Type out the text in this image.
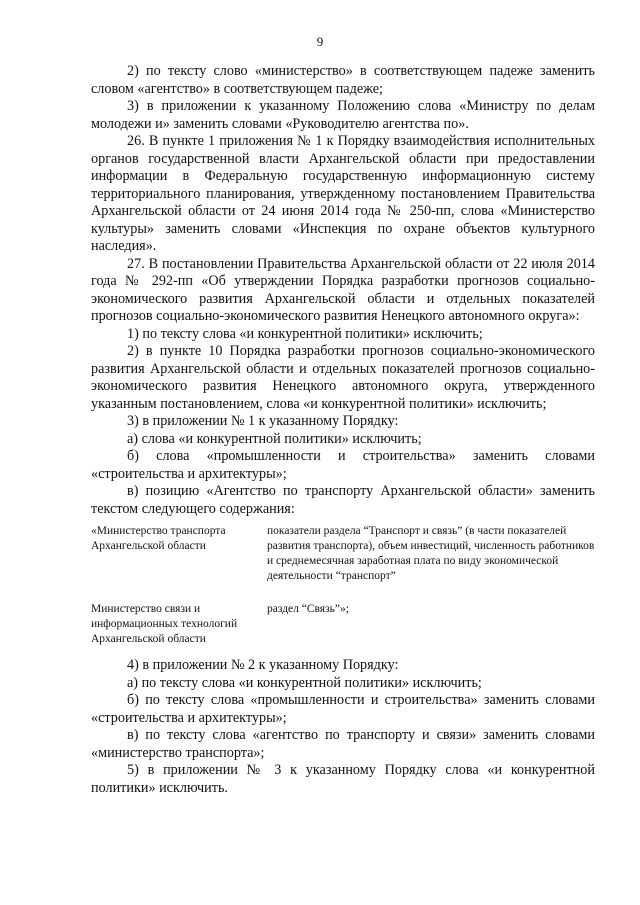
9

2) по тексту слово «министерство» в соответствующем падеже заменить словом «агентство» в соответствующем падеже;

3) в приложении к указанному Положению слова «Министру по делам молодежи и» заменить словами «Руководителю агентства по».

26. В пункте 1 приложения № 1 к Порядку взаимодействия исполнительных органов государственной власти Архангельской области при предоставлении информации в Федеральную государственную информационную систему территориального планирования, утвержденному постановлением Правительства Архангельской области от 24 июня 2014 года № 250-пп, слова «Министерство культуры» заменить словами «Инспекция по охране объектов культурного наследия».

27. В постановлении Правительства Архангельской области от 22 июля 2014 года № 292-пп «Об утверждении Порядка разработки прогнозов социально-экономического развития Архангельской области и отдельных показателей прогнозов социально-экономического развития Ненецкого автономного округа»:

1) по тексту слова «и конкурентной политики» исключить;

2) в пункте 10 Порядка разработки прогнозов социально-экономического развития Архангельской области и отдельных показателей прогнозов социально-экономического развития Ненецкого автономного округа, утвержденного указанным постановлением, слова «и конкурентной политики» исключить;

3) в приложении № 1 к указанному Порядку:

а) слова «и конкурентной политики» исключить;

б) слова «промышленности и строительства» заменить словами «строительства и архитектуры»;

в) позицию «Агентство по транспорту Архангельской области» заменить текстом следующего содержания:

«Министерство транспорта Архангельской области
показатели раздела “Транспорт и связь” (в части показателей развития транспорта), объем инвестиций, численность работников и среднемесячная заработная плата по виду экономической деятельности “транспорт”
Министерство связи и информационных технологий Архангельской области
раздел “Связь”»;

4) в приложении № 2 к указанному Порядку:

а) по тексту слова «и конкурентной политики» исключить;

б) по тексту слова «промышленности и строительства» заменить словами «строительства и архитектуры»;

в) по тексту слова «агентство по транспорту и связи» заменить словами «министерство транспорта»;

5) в приложении № 3 к указанному Порядку слова «и конкурентной политики» исключить.
